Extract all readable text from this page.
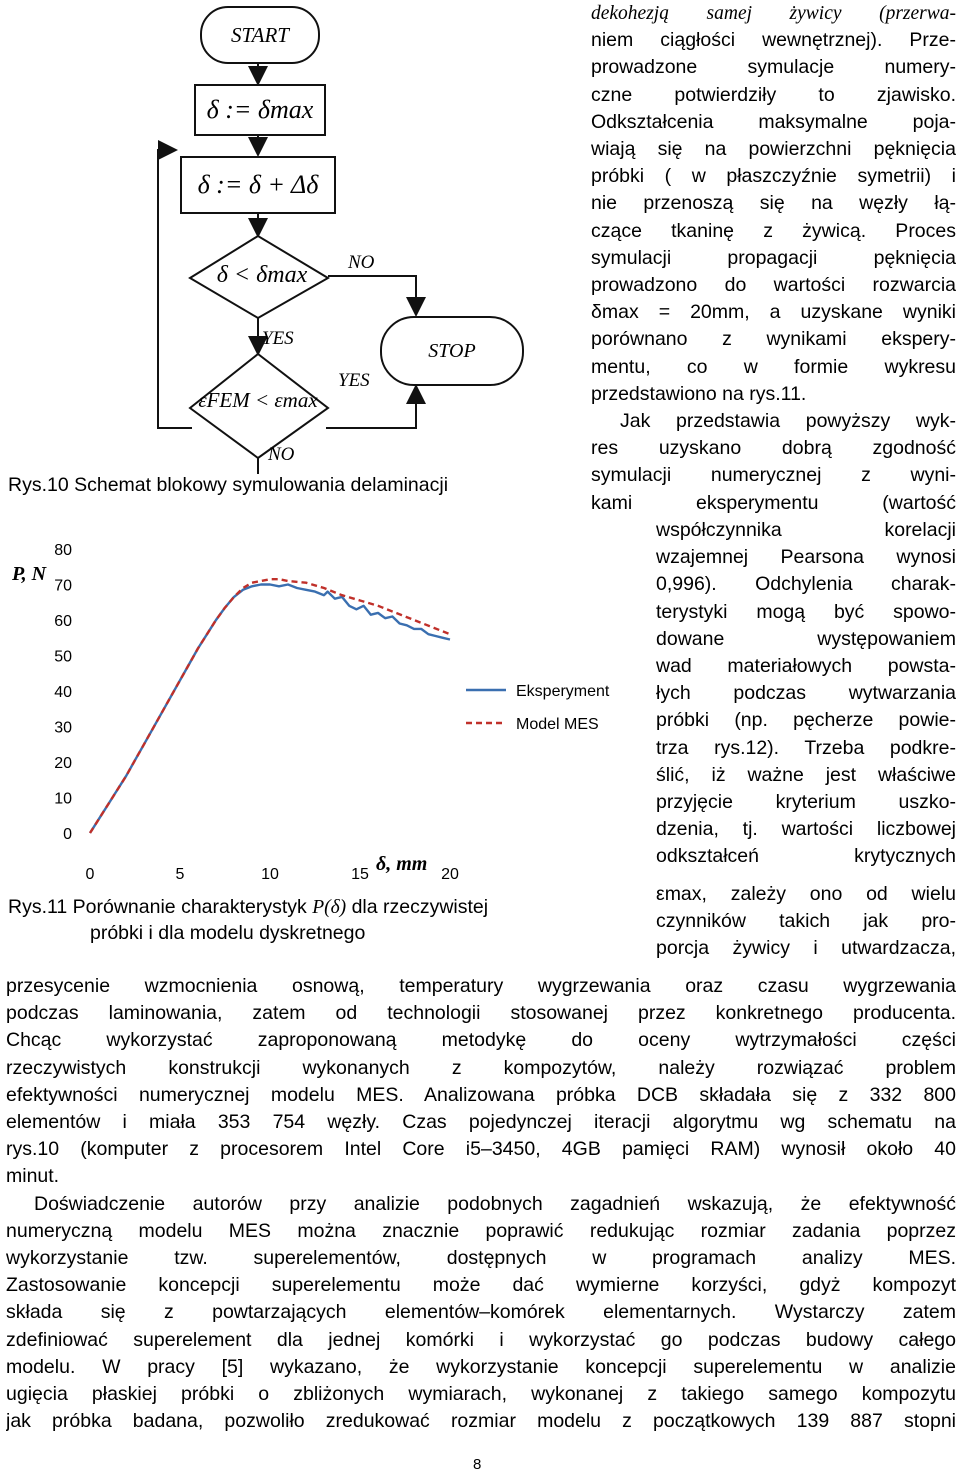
START
δ := δmax
δ := δ + Δδ
δ < δmax
εFEM < εmax
NO
YES
YES
NO
STOP
Rys.10 Schemat blokowy symulowania delaminacji
0
10
20
30
40
50
60
70
80
0	5	10	15	20
P, N
δ, mm
Eksperyment
Model MES
dekohezją samej żywicy (przerwa-
niem ciągłości wewnętrznej). Prze-
prowadzone symulacje numery-
czne potwierdziły to zjawisko.
Odkształcenia maksymalne poja-
wiają się na powierzchni pęknięcia
próbki ( w płaszczyźnie symetrii) i
nie przenoszą się na węzły łą-
czące tkaninę z żywicą. Proces
symulacji propagacji pęknięcia
prowadzono do wartości rozwarcia
δmax = 20mm, a uzyskane wyniki
porównano z wynikami ekspery-
mentu, co w formie wykresu
przedstawiono na rys.11.
Jak przedstawia powyższy wyk-
res uzyskano dobrą zgodność
symulacji numerycznej z wyni-
kami eksperymentu (wartość
współczynnika korelacji
wzajemnej Pearsona wynosi
0,996). Odchylenia charak-
terystyki mogą być spowo-
dowane występowaniem
wad materiałowych powsta-
łych podczas wytwarzania
próbki (np. pęcherze powie-
trza rys.12). Trzeba podkre-
ślić, iż ważne jest właściwe
przyjęcie kryterium uszko-
dzenia, tj. wartości liczbowej
odkształceń krytycznych
εmax, zależy ono od wielu
czynników takich jak pro-
porcja żywicy i utwardzacza,
Rys.11 Porównanie charakterystyk P(δ) dla rzeczywistej
próbki i dla modelu dyskretnego
przesycenie wzmocnienia osnową, temperatury wygrzewania oraz czasu wygrzewania
podczas laminowania, zatem od technologii stosowanej przez konkretnego producenta.
Chcąc wykorzystać zaproponowaną metodykę do oceny wytrzymałości części
rzeczywistych konstrukcji wykonanych z kompozytów, należy rozwiązać problem
efektywności numerycznej modelu MES. Analizowana próbka DCB składała się z 332 800
elementów i miała 353 754 węzły. Czas pojedynczej iteracji algorytmu wg schematu na
rys.10 (komputer z procesorem Intel Core i5–3450, 4GB pamięci RAM) wynosił około 40
minut.
Doświadczenie autorów przy analizie podobnych zagadnień wskazują, że efektywność
numeryczną modelu MES można znacznie poprawić redukując rozmiar zadania poprzez
wykorzystanie tzw. superelementów, dostępnych w programach analizy MES.
Zastosowanie koncepcji superelementu może dać wymierne korzyści, gdyż kompozyt
składa się z powtarzających elementów–komórek elementarnych. Wystarczy zatem
zdefiniować superelement dla jednej komórki i wykorzystać go podczas budowy całego
modelu. W pracy [5] wykazano, że wykorzystanie koncepcji superelementu w analizie
ugięcia płaskiej próbki o zbliżonych wymiarach, wykonanej z takiego samego kompozytu
jak próbka badana, pozwoliło zredukować rozmiar modelu z początkowych 139 887 stopni
8
